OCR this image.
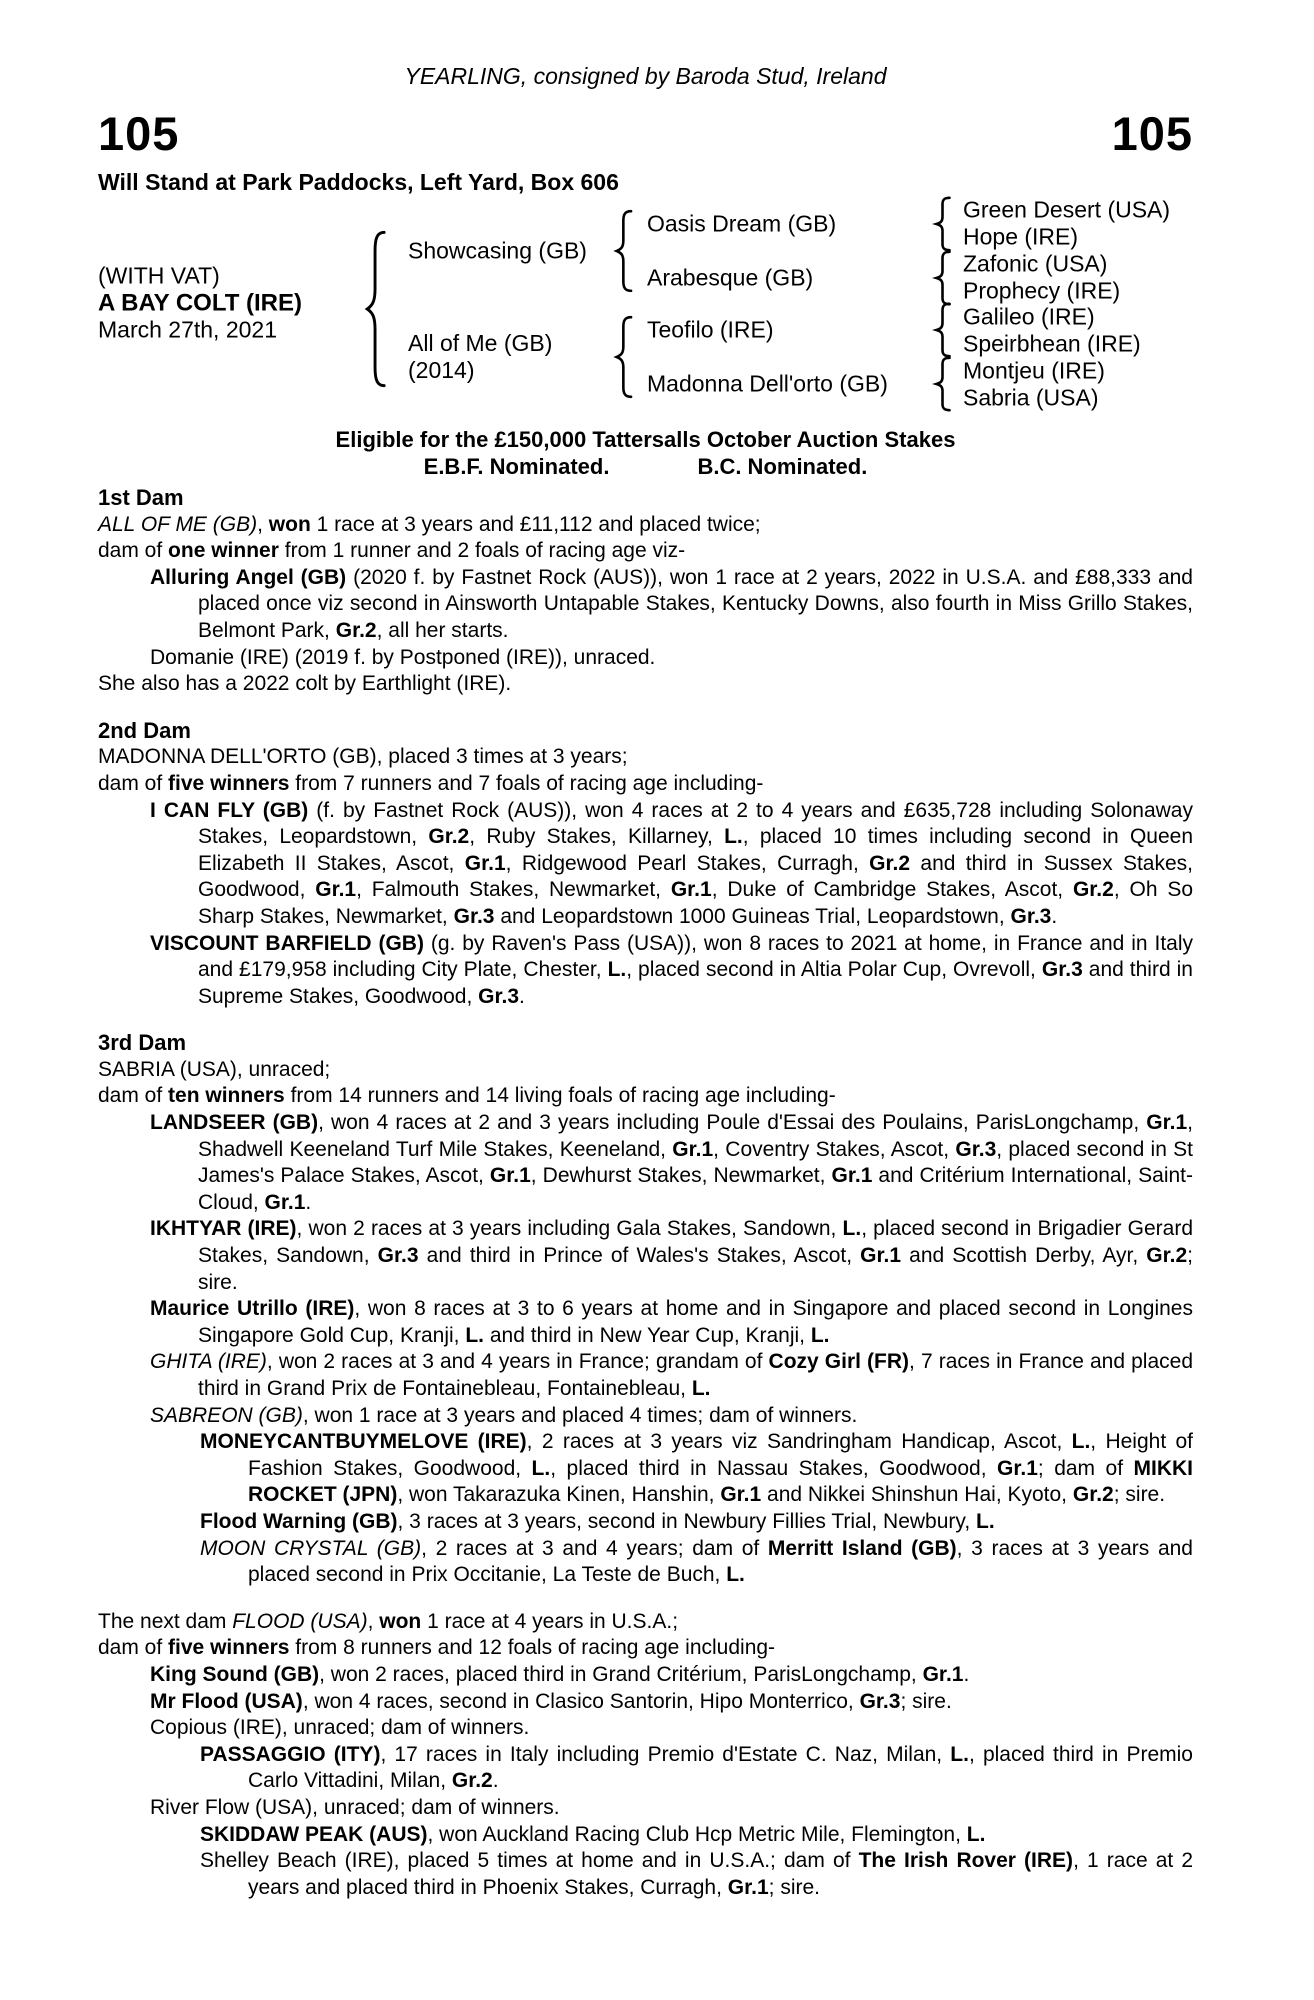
YEARLING, consigned by Baroda Stud, Ireland
105	105
Will Stand at Park Paddocks, Left Yard, Box 606
(WITH VAT)
A BAY COLT (IRE)
March 27th, 2021
Showcasing (GB)
All of Me (GB)
(2014)
Oasis Dream (GB)
Arabesque (GB)
Teofilo (IRE)
Madonna Dell'orto (GB)
Green Desert (USA)
Hope (IRE)
Zafonic (USA)
Prophecy (IRE)
Galileo (IRE)
Speirbhean (IRE)
Montjeu (IRE)
Sabria (USA)
Eligible for the £150,000 Tattersalls October Auction Stakes
E.B.F. Nominated.	B.C. Nominated.

1st Dam

ALL OF ME (GB), won 1 race at 3 years and £11,112 and placed twice;

dam of one winner from 1 runner and 2 foals of racing age viz-

Alluring Angel (GB) (2020 f. by Fastnet Rock (AUS)), won 1 race at 2 years, 2022 in U.S.A. and £88,333 and placed once viz second in Ainsworth Untapable Stakes, Kentucky Downs, also fourth in Miss Grillo Stakes, Belmont Park, Gr.2, all her starts.

Domanie (IRE) (2019 f. by Postponed (IRE)), unraced.

She also has a 2022 colt by Earthlight (IRE).

2nd Dam

MADONNA DELL'ORTO (GB), placed 3 times at 3 years;

dam of five winners from 7 runners and 7 foals of racing age including-

I CAN FLY (GB) (f. by Fastnet Rock (AUS)), won 4 races at 2 to 4 years and £635,728 including Solonaway Stakes, Leopardstown, Gr.2, Ruby Stakes, Killarney, L., placed 10 times including second in Queen Elizabeth II Stakes, Ascot, Gr.1, Ridgewood Pearl Stakes, Curragh, Gr.2 and third in Sussex Stakes, Goodwood, Gr.1, Falmouth Stakes, Newmarket, Gr.1, Duke of Cambridge Stakes, Ascot, Gr.2, Oh So Sharp Stakes, Newmarket, Gr.3 and Leopardstown 1000 Guineas Trial, Leopardstown, Gr.3.

VISCOUNT BARFIELD (GB) (g. by Raven's Pass (USA)), won 8 races to 2021 at home, in France and in Italy and £179,958 including City Plate, Chester, L., placed second in Altia Polar Cup, Ovrevoll, Gr.3 and third in Supreme Stakes, Goodwood, Gr.3.

3rd Dam

SABRIA (USA), unraced;

dam of ten winners from 14 runners and 14 living foals of racing age including-

LANDSEER (GB), won 4 races at 2 and 3 years including Poule d'Essai des Poulains, ParisLongchamp, Gr.1, Shadwell Keeneland Turf Mile Stakes, Keeneland, Gr.1, Coventry Stakes, Ascot, Gr.3, placed second in St James's Palace Stakes, Ascot, Gr.1, Dewhurst Stakes, Newmarket, Gr.1 and Critérium International, Saint-Cloud, Gr.1.

IKHTYAR (IRE), won 2 races at 3 years including Gala Stakes, Sandown, L., placed second in Brigadier Gerard Stakes, Sandown, Gr.3 and third in Prince of Wales's Stakes, Ascot, Gr.1 and Scottish Derby, Ayr, Gr.2; sire.

Maurice Utrillo (IRE), won 8 races at 3 to 6 years at home and in Singapore and placed second in Longines Singapore Gold Cup, Kranji, L. and third in New Year Cup, Kranji, L.

GHITA (IRE), won 2 races at 3 and 4 years in France; grandam of Cozy Girl (FR), 7 races in France and placed third in Grand Prix de Fontainebleau, Fontainebleau, L.

SABREON (GB), won 1 race at 3 years and placed 4 times; dam of winners.

MONEYCANTBUYMELOVE (IRE), 2 races at 3 years viz Sandringham Handicap, Ascot, L., Height of Fashion Stakes, Goodwood, L., placed third in Nassau Stakes, Goodwood, Gr.1; dam of MIKKI ROCKET (JPN), won Takarazuka Kinen, Hanshin, Gr.1 and Nikkei Shinshun Hai, Kyoto, Gr.2; sire.

Flood Warning (GB), 3 races at 3 years, second in Newbury Fillies Trial, Newbury, L.

MOON CRYSTAL (GB), 2 races at 3 and 4 years; dam of Merritt Island (GB), 3 races at 3 years and placed second in Prix Occitanie, La Teste de Buch, L.

The next dam FLOOD (USA), won 1 race at 4 years in U.S.A.;

dam of five winners from 8 runners and 12 foals of racing age including-

King Sound (GB), won 2 races, placed third in Grand Critérium, ParisLongchamp, Gr.1.

Mr Flood (USA), won 4 races, second in Clasico Santorin, Hipo Monterrico, Gr.3; sire.

Copious (IRE), unraced; dam of winners.

PASSAGGIO (ITY), 17 races in Italy including Premio d'Estate C. Naz, Milan, L., placed third in Premio Carlo Vittadini, Milan, Gr.2.

River Flow (USA), unraced; dam of winners.

SKIDDAW PEAK (AUS), won Auckland Racing Club Hcp Metric Mile, Flemington, L.

Shelley Beach (IRE), placed 5 times at home and in U.S.A.; dam of The Irish Rover (IRE), 1 race at 2 years and placed third in Phoenix Stakes, Curragh, Gr.1; sire.
